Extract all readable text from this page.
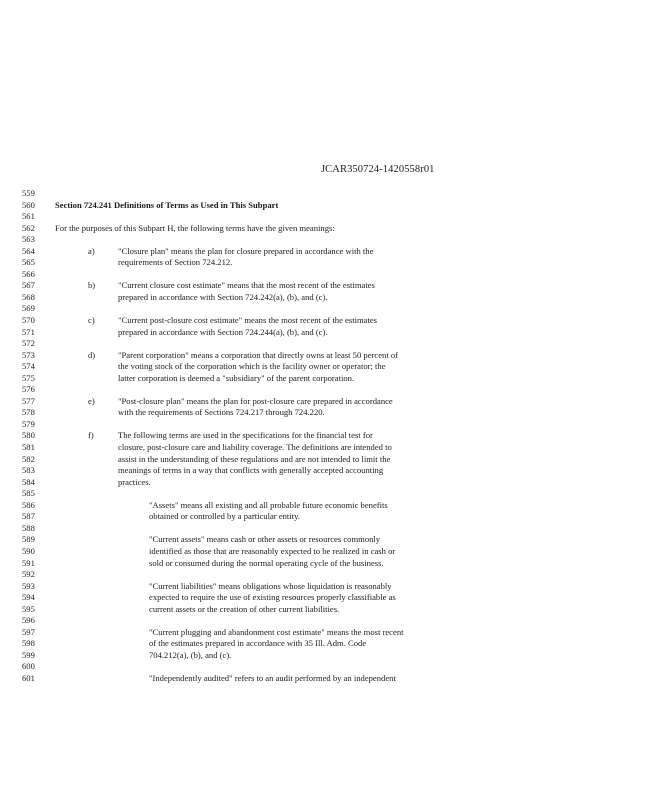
JCAR350724-1420558r01
559
560	Section 724.241 Definitions of Terms as Used in This Subpart
561
562	For the purposes of this Subpart H, the following terms have the given meanings:
563
564	a)	"Closure plan" means the plan for closure prepared in accordance with the
565	requirements of Section 724.212.
566
567	b)	"Current closure cost estimate" means that the most recent of the estimates
568	prepared in accordance with Section 724.242(a), (b), and (c).
569
570	c)	"Current post-closure cost estimate" means the most recent of the estimates
571	prepared in accordance with Section 724.244(a), (b), and (c).
572
573	d)	"Parent corporation" means a corporation that directly owns at least 50 percent of
574	the voting stock of the corporation which is the facility owner or operator; the
575	latter corporation is deemed a "subsidiary" of the parent corporation.
576
577	e)	"Post-closure plan" means the plan for post-closure care prepared in accordance
578	with the requirements of Sections 724.217 through 724.220.
579
580	f)	The following terms are used in the specifications for the financial test for
581	closure, post-closure care and liability coverage. The definitions are intended to
582	assist in the understanding of these regulations and are not intended to limit the
583	meanings of terms in a way that conflicts with generally accepted accounting
584	practices.
585
586	"Assets" means all existing and all probable future economic benefits
587	obtained or controlled by a particular entity.
588
589	"Current assets" means cash or other assets or resources commonly
590	identified as those that are reasonably expected to be realized in cash or
591	sold or consumed during the normal operating cycle of the business.
592
593	"Current liabilities" means obligations whose liquidation is reasonably
594	expected to require the use of existing resources properly classifiable as
595	current assets or the creation of other current liabilities.
596
597	"Current plugging and abandonment cost estimate" means the most recent
598	of the estimates prepared in accordance with 35 Ill. Adm. Code
599	704.212(a), (b), and (c).
600
601	"Independently audited" refers to an audit performed by an independent
